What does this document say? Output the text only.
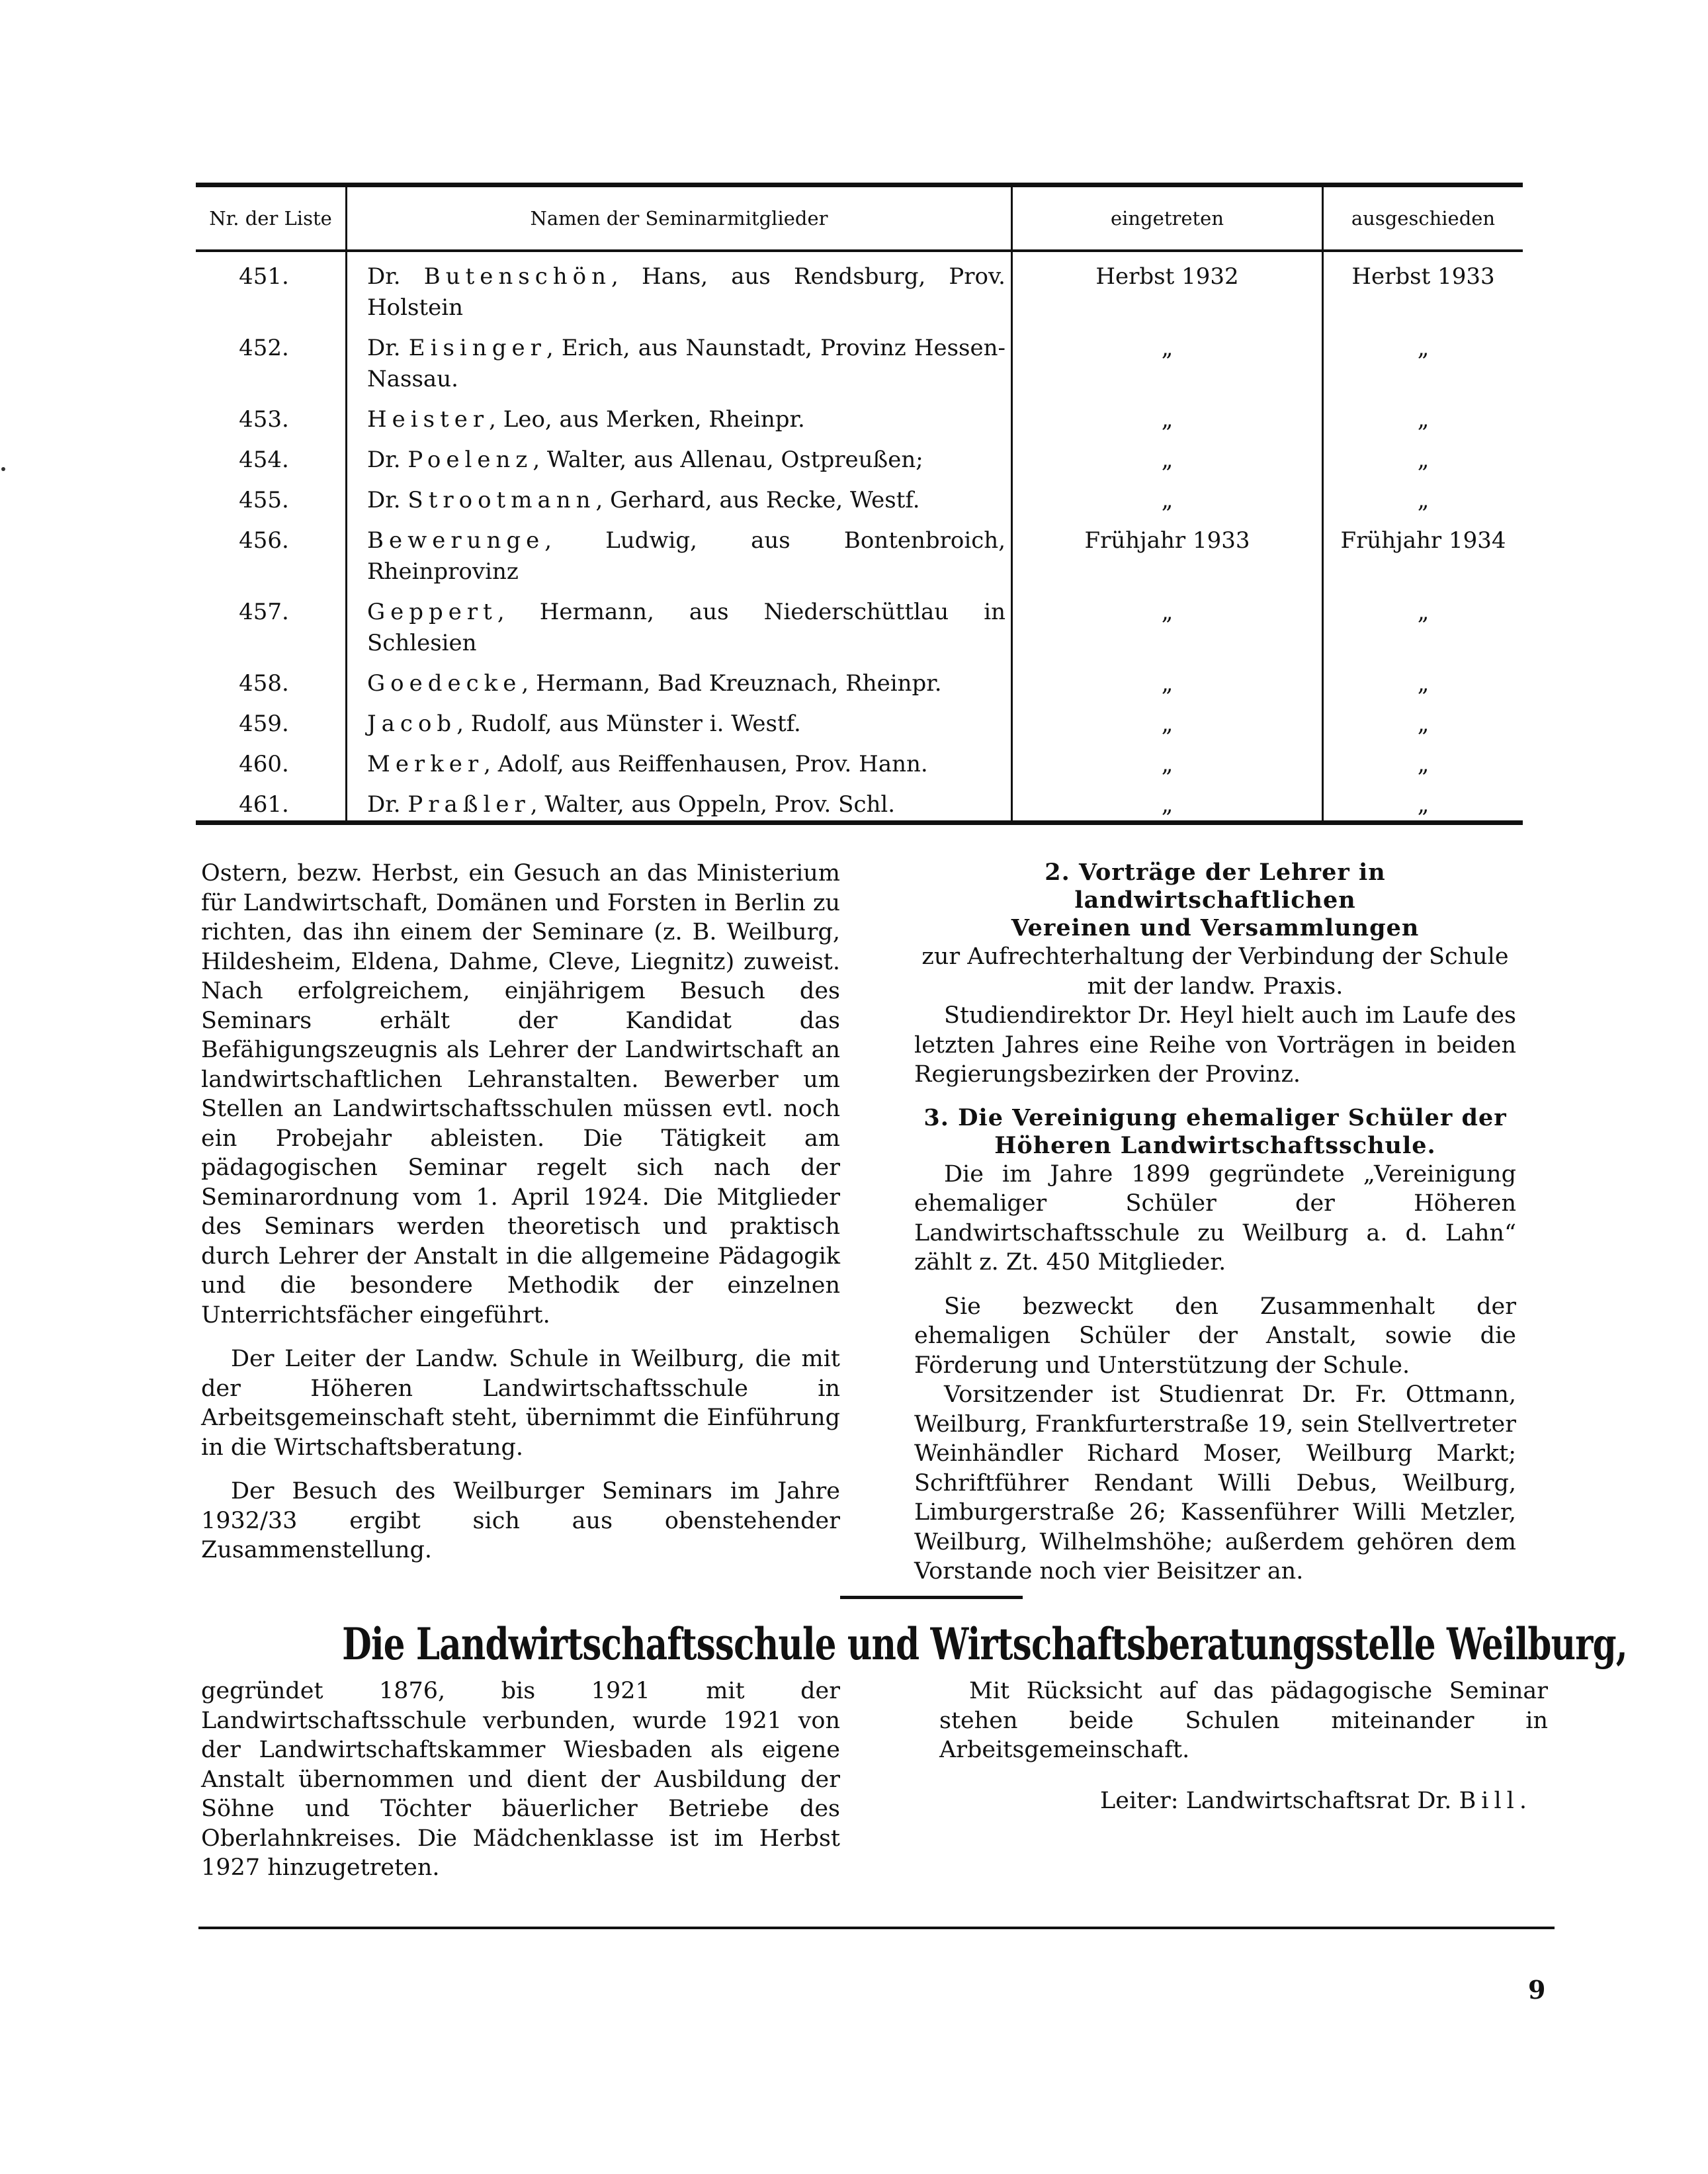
Nr. der Liste	Namen der Seminarmitglieder	eingetreten	ausgeschieden
451.	Dr. Butenschön, Hans, aus Rendsburg, Prov. Holstein	Herbst 1932	Herbst 1933
452.	Dr. Eisinger, Erich, aus Naunstadt, Provinz Hessen-Nassau.	„	„
453.	Heister, Leo, aus Merken, Rheinpr.	„	„
454.	Dr. Poelenz, Walter, aus Allenau, Ostpreußen;	„	„
455.	Dr. Strootmann, Gerhard, aus Recke, Westf.	„	„
456.	Bewerunge, Ludwig, aus Bontenbroich, Rheinprovinz	Frühjahr 1933	Frühjahr 1934
457.	Geppert, Hermann, aus Niederschüttlau in Schlesien	„	„
458.	Goedecke, Hermann, Bad Kreuznach, Rheinpr.	„	„
459.	Jacob, Rudolf, aus Münster i. Westf.	„	„
460.	Merker, Adolf, aus Reiffenhausen, Prov. Hann.	„	„
461.	Dr. Praßler, Walter, aus Oppeln, Prov. Schl.	„	„

Ostern, bezw. Herbst, ein Gesuch an das Ministerium für Landwirtschaft, Domänen und Forsten in Berlin zu richten, das ihn einem der Seminare (z. B. Weilburg, Hildesheim, Eldena, Dahme, Cleve, Liegnitz) zuweist. Nach erfolgreichem, einjährigem Besuch des Seminars erhält der Kandidat das Befähigungszeugnis als Lehrer der Landwirtschaft an landwirtschaftlichen Lehranstalten. Bewerber um Stellen an Landwirtschaftsschulen müssen evtl. noch ein Probejahr ableisten. Die Tätigkeit am pädagogischen Seminar regelt sich nach der Seminarordnung vom 1. April 1924. Die Mitglieder des Seminars werden theoretisch und praktisch durch Lehrer der Anstalt in die allgemeine Pädagogik und die besondere Methodik der einzelnen Unterrichtsfächer eingeführt.

Der Leiter der Landw. Schule in Weilburg, die mit der Höheren Landwirtschaftsschule in Arbeitsgemeinschaft steht, übernimmt die Einführung in die Wirtschaftsberatung.

Der Besuch des Weilburger Seminars im Jahre 1932/33 ergibt sich aus obenstehender Zusammenstellung.

2. Vorträge der Lehrer in landwirtschaftlichen
Vereinen und Versammlungen
zur Aufrechterhaltung der Verbindung der Schule
mit der landw. Praxis.

Studiendirektor Dr. Heyl hielt auch im Laufe des letzten Jahres eine Reihe von Vorträgen in beiden Regierungsbezirken der Provinz.

3. Die Vereinigung ehemaliger Schüler der
Höheren Landwirtschaftsschule.

Die im Jahre 1899 gegründete „Vereinigung ehemaliger Schüler der Höheren Landwirtschaftsschule zu Weilburg a. d. Lahn“ zählt z. Zt. 450 Mitglieder.

Sie bezweckt den Zusammenhalt der ehemaligen Schüler der Anstalt, sowie die Förderung und Unterstützung der Schule.

Vorsitzender ist Studienrat Dr. Fr. Ottmann, Weilburg, Frankfurterstraße 19, sein Stellvertreter Weinhändler Richard Moser, Weilburg Markt; Schriftführer Rendant Willi Debus, Weilburg, Limburgerstraße 26; Kassenführer Willi Metzler, Weilburg, Wilhelmshöhe; außerdem gehören dem Vorstande noch vier Beisitzer an.

Die Landwirtschaftsschule und Wirtschaftsberatungsstelle Weilburg,

gegründet 1876, bis 1921 mit der Landwirtschaftsschule verbunden, wurde 1921 von der Landwirtschaftskammer Wiesbaden als eigene Anstalt übernommen und dient der Ausbildung der Söhne und Töchter bäuerlicher Betriebe des Oberlahnkreises. Die Mädchenklasse ist im Herbst 1927 hinzugetreten.

Mit Rücksicht auf das pädagogische Seminar stehen beide Schulen miteinander in Arbeitsgemeinschaft.

Leiter: Landwirtschaftsrat Dr. Bill.

9
